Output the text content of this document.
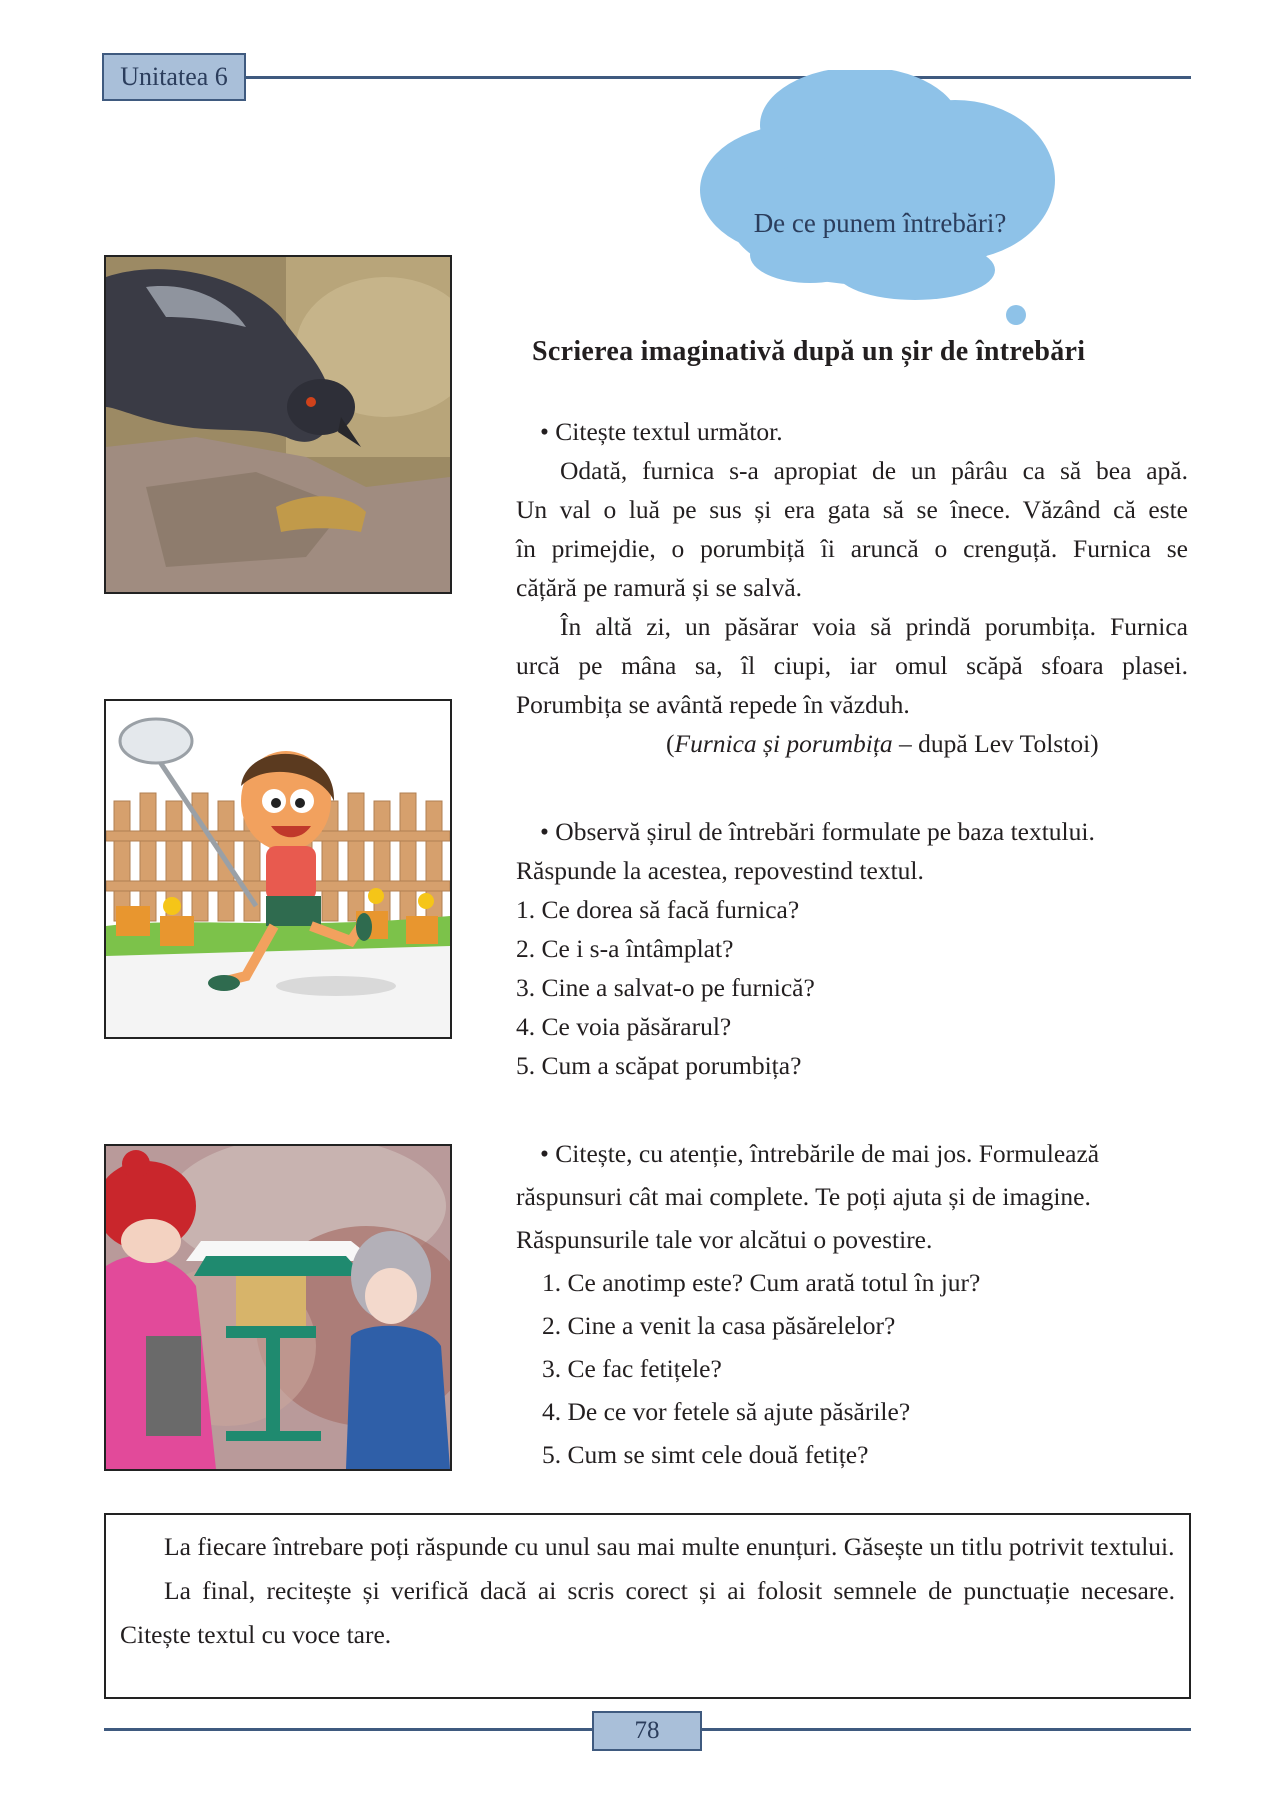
Unitatea 6
De ce punem întrebări?
Scrierea imaginativă după un șir de întrebări
• Citește textul următor.
Odată, furnica s-a apropiat de un pârâu ca să bea apă.
Un val o luă pe sus și era gata să se înece. Văzând că este
în primejdie, o porumbiță îi aruncă o crenguță. Furnica se
cățără pe ramură și se salvă.
În altă zi, un păsărar voia să prindă porumbița. Furnica
urcă pe mâna sa, îl ciupi, iar omul scăpă sfoara plasei.
Porumbița se avântă repede în văzduh.
(Furnica și porumbița – după Lev Tolstoi)
• Observă șirul de întrebări formulate pe baza textului.
Răspunde la acestea, repovestind textul.
1. Ce dorea să facă furnica?
2. Ce i s-a întâmplat?
3. Cine a salvat-o pe furnică?
4. Ce voia păsărarul?
5. Cum a scăpat porumbița?
• Citește, cu atenție, întrebările de mai jos. Formulează
răspunsuri cât mai complete. Te poți ajuta și de imagine.
Răspunsurile tale vor alcătui o povestire.
1. Ce anotimp este? Cum arată totul în jur?
2. Cine a venit la casa păsărelelor?
3. Ce fac fetițele?
4. De ce vor fetele să ajute păsările?
5. Cum se simt cele două fetițe?

La fiecare întrebare poți răspunde cu unul sau mai multe enunțuri. Găsește un titlu potrivit textului.

La final, recitește și verifică dacă ai scris corect și ai folosit semnele de punctuație necesare. Citește textul cu voce tare.

78
